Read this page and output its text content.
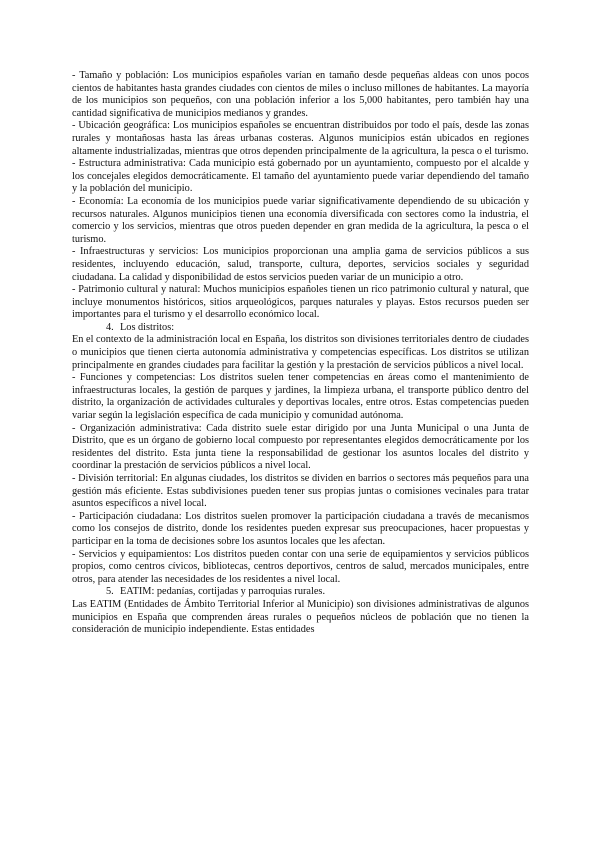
- Tamaño y población: Los municipios españoles varían en tamaño desde pequeñas aldeas con unos pocos cientos de habitantes hasta grandes ciudades con cientos de miles o incluso millones de habitantes. La mayoría de los municipios son pequeños, con una población inferior a los 5,000 habitantes, pero también hay una cantidad significativa de municipios medianos y grandes.

- Ubicación geográfica: Los municipios españoles se encuentran distribuidos por todo el país, desde las zonas rurales y montañosas hasta las áreas urbanas costeras. Algunos municipios están ubicados en regiones altamente industrializadas, mientras que otros dependen principalmente de la agricultura, la pesca o el turismo.

- Estructura administrativa: Cada municipio está gobernado por un ayuntamiento, compuesto por el alcalde y los concejales elegidos democráticamente. El tamaño del ayuntamiento puede variar dependiendo del tamaño y la población del municipio.

- Economía: La economía de los municipios puede variar significativamente dependiendo de su ubicación y recursos naturales. Algunos municipios tienen una economía diversificada con sectores como la industria, el comercio y los servicios, mientras que otros pueden depender en gran medida de la agricultura, la pesca o el turismo.

- Infraestructuras y servicios: Los municipios proporcionan una amplia gama de servicios públicos a sus residentes, incluyendo educación, salud, transporte, cultura, deportes, servicios sociales y seguridad ciudadana. La calidad y disponibilidad de estos servicios pueden variar de un municipio a otro.

- Patrimonio cultural y natural: Muchos municipios españoles tienen un rico patrimonio cultural y natural, que incluye monumentos históricos, sitios arqueológicos, parques naturales y playas. Estos recursos pueden ser importantes para el turismo y el desarrollo económico local.

4. Los distritos:

En el contexto de la administración local en España, los distritos son divisiones territoriales dentro de ciudades o municipios que tienen cierta autonomía administrativa y competencias específicas. Los distritos se utilizan principalmente en grandes ciudades para facilitar la gestión y la prestación de servicios públicos a nivel local.

- Funciones y competencias: Los distritos suelen tener competencias en áreas como el mantenimiento de infraestructuras locales, la gestión de parques y jardines, la limpieza urbana, el transporte público dentro del distrito, la organización de actividades culturales y deportivas locales, entre otros. Estas competencias pueden variar según la legislación específica de cada municipio y comunidad autónoma.

- Organización administrativa: Cada distrito suele estar dirigido por una Junta Municipal o una Junta de Distrito, que es un órgano de gobierno local compuesto por representantes elegidos democráticamente por los residentes del distrito. Esta junta tiene la responsabilidad de gestionar los asuntos locales del distrito y coordinar la prestación de servicios públicos a nivel local.

- División territorial: En algunas ciudades, los distritos se dividen en barrios o sectores más pequeños para una gestión más eficiente. Estas subdivisiones pueden tener sus propias juntas o comisiones vecinales para tratar asuntos específicos a nivel local.

- Participación ciudadana: Los distritos suelen promover la participación ciudadana a través de mecanismos como los consejos de distrito, donde los residentes pueden expresar sus preocupaciones, hacer propuestas y participar en la toma de decisiones sobre los asuntos locales que les afectan.

- Servicios y equipamientos: Los distritos pueden contar con una serie de equipamientos y servicios públicos propios, como centros cívicos, bibliotecas, centros deportivos, centros de salud, mercados municipales, entre otros, para atender las necesidades de los residentes a nivel local.

5. EATIM: pedanías, cortijadas y parroquias rurales.

Las EATIM (Entidades de Ámbito Territorial Inferior al Municipio) son divisiones administrativas de algunos municipios en España que comprenden áreas rurales o pequeños núcleos de población que no tienen la consideración de municipio independiente. Estas entidades
